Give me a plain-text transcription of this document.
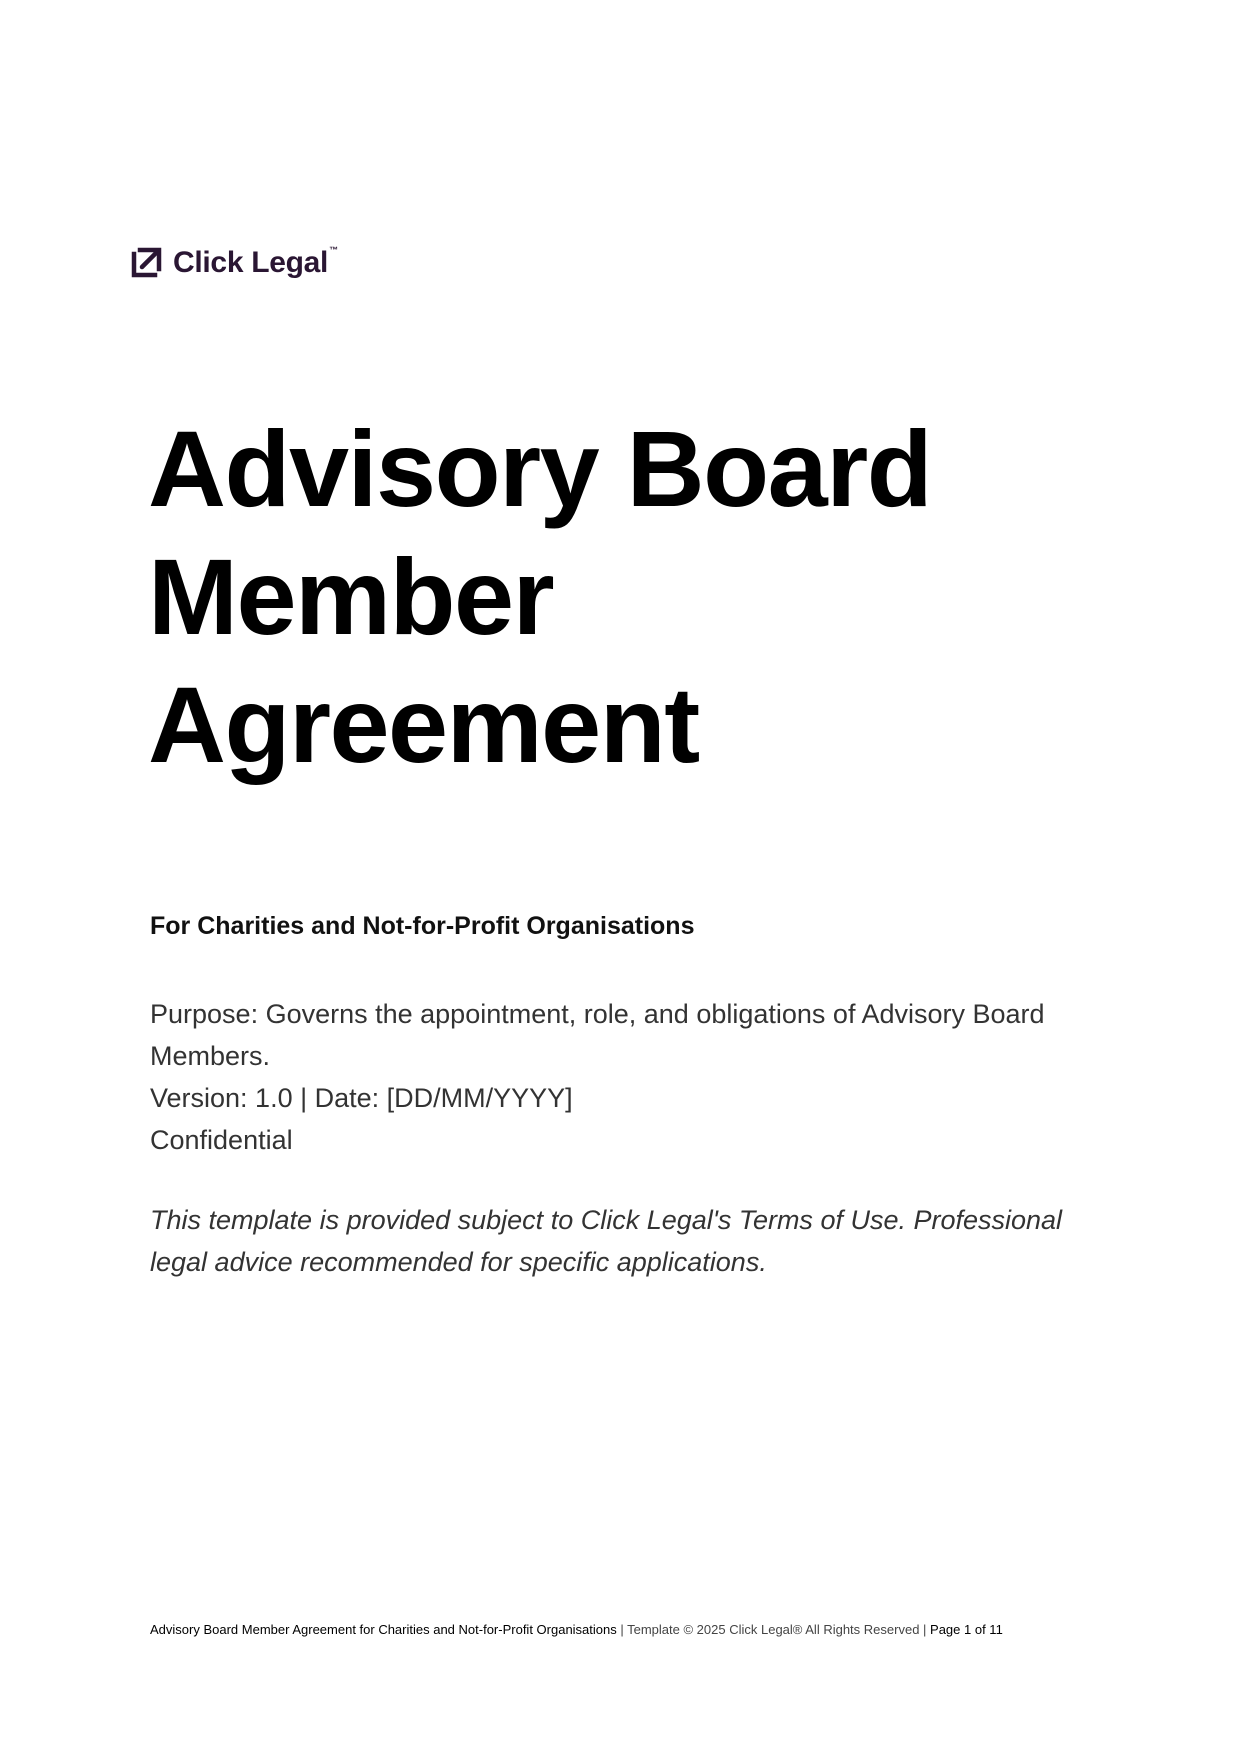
Click Legal™
Advisory Board
Member
Agreement
For Charities and Not-for-Profit Organisations

Purpose: Governs the appointment, role, and obligations of Advisory Board Members.

Version: 1.0 | Date: [DD/MM/YYYY]

Confidential

This template is provided subject to Click Legal's Terms of Use. Professional legal advice recommended for specific applications.

Advisory Board Member Agreement for Charities and Not-for-Profit Organisations | Template © 2025 Click Legal® All Rights Reserved | Page 1 of 11
